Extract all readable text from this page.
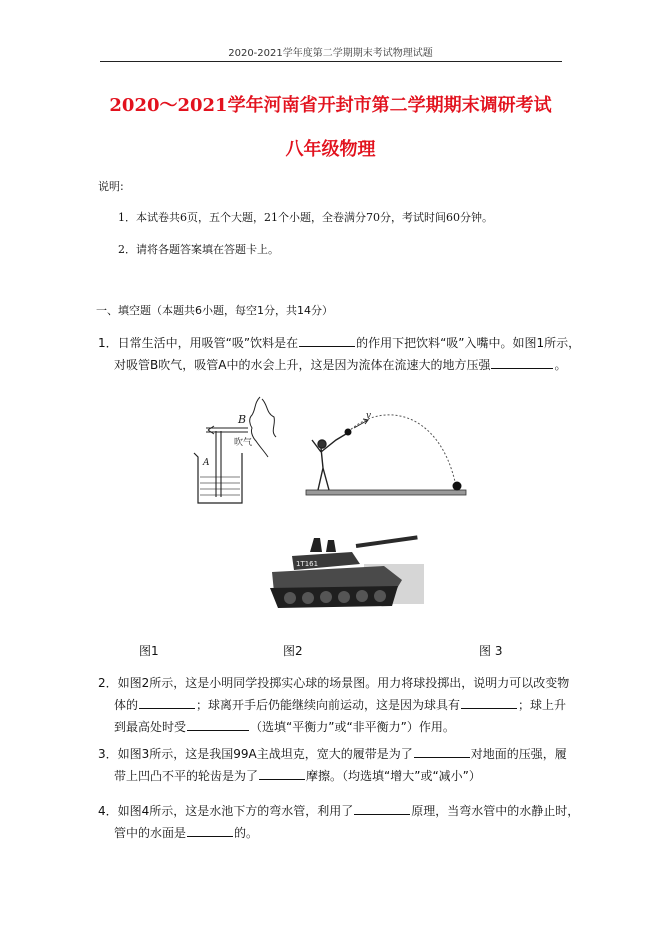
2020-2021学年度第二学期期末考试物理试题
2020～2021学年河南省开封市第二学期期末调研考试
八年级物理
说明:
1．本试卷共6页，五个大题，21个小题，全卷满分70分，考试时间60分钟。
2．请将各题答案填在答题卡上。
一、填空题（本题共6小题，每空1分，共14分）
1．日常生活中，用吸管“吸”饮料是在	的作用下把饮料“吸”入嘴中。如图1所示，
对吸管B吹气，吸管A中的水会上升，这是因为流体在流速大的地方压强	。
A
B
吹气
v
1T161
图1	图2	图 3
2．如图2所示，这是小明同学投掷实心球的场景图。用力将球投掷出，说明力可以改变物
体的	；球离开手后仍能继续向前运动，这是因为球具有	；球上升
到最高处时受	（选填“平衡力”或“非平衡力”）作用。
3．如图3所示，这是我国99A主战坦克，宽大的履带是为了	对地面的压强，履
带上凹凸不平的轮齿是为了	摩擦。（均选填“增大”或“减小”）
4．如图4所示，这是水池下方的弯水管，利用了	原理，当弯水管中的水静止时，
管中的水面是	的。
